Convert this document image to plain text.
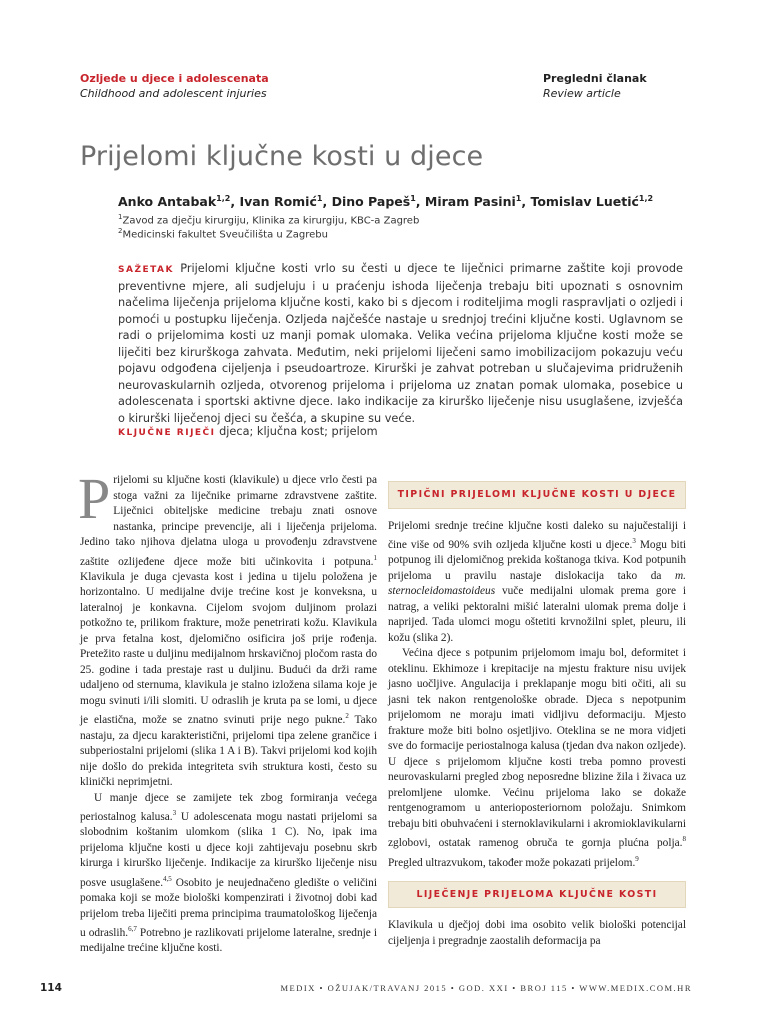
Ozljede u djece i adolescenata
Childhood and adolescent injuries
Pregledni članak
Review article
Prijelomi ključne kosti u djece
Anko Antabak$^{1,2}$, Ivan Romić$^1$, Dino Papeš$^1$, Miram Pasini$^1$, Tomislav Luetić$^{1,2}$
$^1$Zavod za dječju kirurgiju, Klinika za kirurgiju, KBC-a Zagreb
$^2$Medicinski fakultet Sveučilišta u Zagrebu
SAŽETAK Prijelomi ključne kosti vrlo su česti u djece te liječnici primarne zaštite koji provode preventivne mjere, ali sudjeluju i u praćenju ishoda liječenja trebaju biti upoznati s osnovnim načelima liječenja prijeloma ključne kosti, kako bi s djecom i roditeljima mogli raspravljati o ozljedi i pomoći u postupku liječenja. Ozljeda najčešće nastaje u srednjoj trećini ključne kosti. Uglavnom se radi o prijelomima kosti uz manji pomak ulomaka. Velika većina prijeloma ključne kosti može se liječiti bez kirurškoga zahvata. Međutim, neki prijelomi liječeni samo imobilizacijom pokazuju veću pojavu odgođena cijeljenja i pseudoartroze. Kirurški je zahvat potreban u slučajevima pridruženih neurovaskularnih ozljeda, otvorenog prijeloma i prijeloma uz znatan pomak ulomaka, posebice u adolescenata i sportski aktivne djece. Iako indikacije za kirurško liječenje nisu usuglašene, izvješća o kirurški liječenoj djeci su češća, a skupine su veće.
KLJUČNE RIJEČI djeca; ključna kost; prijelom

Prijelomi su ključne kosti (klavikule) u djece vrlo česti pa stoga važni za liječnike primarne zdravstvene zaštite. Liječnici obiteljske medicine trebaju znati osnove nastanka, principe prevencije, ali i liječenja prijeloma. Jedino tako njihova djelatna uloga u provođenju zdravstvene zaštite ozlijeđene djece može biti učinkovita i potpuna.$^1$ Klavikula je duga cjevasta kost i jedina u tijelu položena je horizontalno. U medijalne dvije trećine kost je konveksna, u lateralnoj je konkavna. Cijelom svojom duljinom prolazi potkožno te, prilikom frakture, može penetrirati kožu. Klavikula je prva fetalna kost, djelomično osificira još prije rođenja. Pretežito raste u duljinu medijalnom hrskavičnoj pločom rasta do 25. godine i tada prestaje rast u duljinu. Budući da drži rame udaljeno od sternuma, klavikula je stalno izložena silama koje je mogu svinuti i/ili slomiti. U odraslih je kruta pa se lomi, u djece je elastična, može se znatno svinuti prije nego pukne.$^2$ Tako nastaju, za djecu karakteristični, prijelomi tipa zelene grančice i subperiostalni prijelomi (slika 1 A i B). Takvi prijelomi kod kojih nije došlo do prekida integriteta svih struktura kosti, često su klinički neprimjetni.

U manje djece se zamijete tek zbog formiranja većega periostalnog kalusa.$^3$ U adolescenata mogu nastati prijelomi sa slobodnim koštanim ulomkom (slika 1 C). No, ipak ima prijeloma ključne kosti u djece koji zahtijevaju posebnu skrb kirurga i kirurško liječenje. Indikacije za kirurško liječenje nisu posve usuglašene.$^{4,5}$ Osobito je neujednačeno gledište o veličini pomaka koji se može biološki kompenzirati i životnoj dobi kad prijelom treba liječiti prema principima traumatološkog liječenja u odraslih.$^{6,7}$ Potrebno je razlikovati prijelome lateralne, srednje i medijalne trećine ključne kosti.

TIPIČNI PRIJELOMI KLJUČNE KOSTI U DJECE

Prijelomi srednje trećine ključne kosti daleko su najučestaliji i čine više od 90% svih ozljeda ključne kosti u djece.$^3$ Mogu biti potpunog ili djelomičnog prekida koštanoga tkiva. Kod potpunih prijeloma u pravilu nastaje dislokacija tako da m. sternocleidomastoideus vuče medijalni ulomak prema gore i natrag, a veliki pektoralni mišić lateralni ulomak prema dolje i naprijed. Tada ulomci mogu oštetiti krvnožilni splet, pleuru, ili kožu (slika 2).

Većina djece s potpunim prijelomom imaju bol, deformitet i oteklinu. Ekhimoze i krepitacije na mjestu frakture nisu uvijek jasno uočljive. Angulacija i preklapanje mogu biti očiti, ali su jasni tek nakon rentgenološke obrade. Djeca s nepotpunim prijelomom ne moraju imati vidljivu deformaciju. Mjesto frakture može biti bolno osjetljivo. Oteklina se ne mora vidjeti sve do formacije periostalnoga kalusa (tjedan dva nakon ozljede). U djece s prijelomom ključne kosti treba pomno provesti neurovaskularni pregled zbog neposredne blizine žila i živaca uz prelomljene ulomke. Većinu prijeloma lako se dokaže rentgenogramom u anterioposteriornom položaju. Snimkom trebaju biti obuhvaćeni i sternoklavikularni i akromioklavikularni zglobovi, ostatak ramenog obruča te gornja plućna polja.$^8$ Pregled ultrazvukom, također može pokazati prijelom.$^9$

LIJEČENJE PRIJELOMA KLJUČNE KOSTI

Klavikula u dječjoj dobi ima osobito velik biološki potencijal cijeljenja i pregradnje zaostalih deformacija pa

114	MEDIX • OŽUJAK/TRAVANJ 2015 • GOD. XXI • BROJ 115 • WWW.MEDIX.COM.HR
